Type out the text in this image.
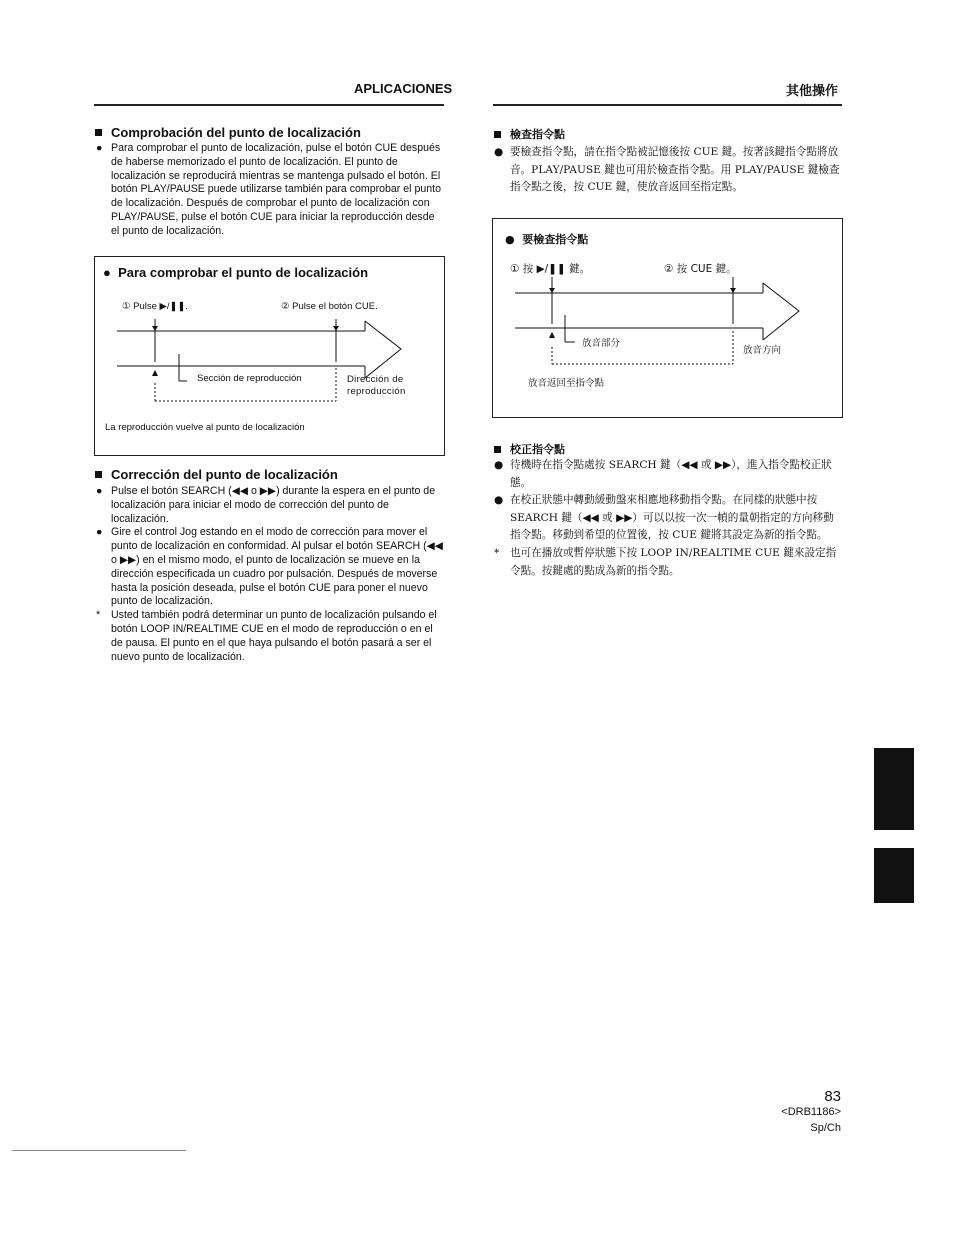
APLICACIONES	其他操作
Comprobación del punto de localización
● Para comprobar el punto de localización, pulse el botón CUE después de haberse memorizado el punto de localización. El punto de localización se reproducirá mientras se mantenga pulsado el botón. El botón PLAY/PAUSE puede utilizarse también para comprobar el punto de localización. Después de comprobar el punto de localización con PLAY/PAUSE, pulse el botón CUE para iniciar la reproducción desde el punto de localización.
●  Para comprobar el punto de localización
① Pulse ▶/❚❚.	② Pulse el botón CUE.
Sección de reproducción	Dirección de reproducción
La reproducción vuelve al punto de localización
Corrección del punto de localización
● Pulse el botón SEARCH (◀◀ o ▶▶) durante la espera en el punto de localización para iniciar el modo de corrección del punto de localización.
● Gire el control Jog estando en el modo de corrección para mover el punto de localización en conformidad. Al pulsar el botón SEARCH (◀◀ o ▶▶) en el mismo modo, el punto de localización se mueve en la dirección especificada un cuadro por pulsación. Después de moverse hasta la posición deseada, pulse el botón CUE para poner el nuevo punto de localización.
* Usted también podrá determinar un punto de localización pulsando el botón LOOP IN/REALTIME CUE en el modo de reproducción o en el de pausa. El punto en el que haya pulsando el botón pasará a ser el nuevo punto de localización.
檢查指令點
● 要檢查指令點，請在指令點被記憶後按 CUE 鍵。按著該鍵指令點將放音。PLAY/PAUSE 鍵也可用於檢查指令點。用 PLAY/PAUSE 鍵檢查指令點之後，按 CUE 鍵，使放音返回至指定點。
●  要檢查指令點
① 按 ▶/❚❚ 鍵。	② 按 CUE 鍵。
放音部分
放音方向
放音返回至指令點
校正指令點
● 待機時在指令點處按 SEARCH 鍵（◀◀ 或 ▶▶），進入指令點校正狀態。
● 在校正狀態中轉動緩動盤來相應地移動指令點。在同樣的狀態中按 SEARCH 鍵（◀◀ 或 ▶▶）可以以按一次一幀的量朝指定的方向移動指令點。移動到希望的位置後，按 CUE 鍵將其設定為新的指令點。
* 也可在播放或暫停狀態下按 LOOP IN/REALTIME CUE 鍵來設定指令點。按鍵處的點成為新的指令點。
83
<DRB1186>
Sp/Ch
